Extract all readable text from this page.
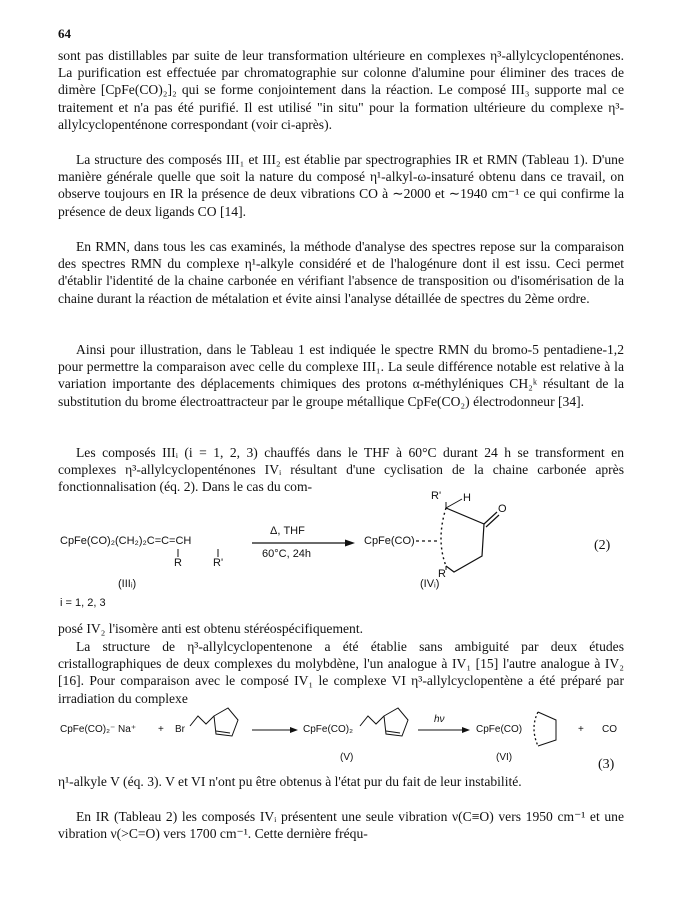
64

sont pas distillables par suite de leur transformation ultérieure en complexes η³-allylcyclopenténones. La purification est effectuée par chromatographie sur colonne d'alumine pour éliminer des traces de dimère [CpFe(CO)₂]₂ qui se forme conjointement dans la réaction. Le composé III₃ supporte mal ce traitement et n'a pas été purifié. Il est utilisé "in situ" pour la formation ultérieure du complexe η³-allylcyclopenténone correspondant (voir ci-après).

La structure des composés III₁ et III₂ est établie par spectrographies IR et RMN (Tableau 1). D'une manière générale quelle que soit la nature du composé η¹-alkyl-ω-insaturé obtenu dans ce travail, on observe toujours en IR la présence de deux vibrations CO à ∼2000 et ∼1940 cm⁻¹ ce qui confirme la présence de deux ligands CO [14].

En RMN, dans tous les cas examinés, la méthode d'analyse des spectres repose sur la comparaison des spectres RMN du complexe η¹-alkyle considéré et de l'halogénure dont il est issu. Ceci permet d'établir l'identité de la chaine carbonée en vérifiant l'absence de transposition ou d'isomérisation de la chaine durant la réaction de métalation et évite ainsi l'analyse détaillée de spectres du 2ème ordre.

Ainsi pour illustration, dans le Tableau 1 est indiquée le spectre RMN du bromo-5 pentadiene-1,2 pour permettre la comparaison avec celle du complexe III₁. La seule différence notable est relative à la variation importante des déplacements chimiques des protons α-méthyléniques CH₂ᵏ résultant de la substitution du brome électroattracteur par le groupe métallique CpFe(CO₂) électrodonneur [34].

Les composés IIIᵢ (i = 1, 2, 3) chauffés dans le THF à 60°C durant 24 h se transforment en complexes η³-allylcyclopenténones IVᵢ résultant d'une cyclisation de la chaine carbonée après fonctionnalisation (éq. 2). Dans le cas du com-

CpFe(CO)₂(CH₂)₂C=C=CH
R	R'
Δ, THF
60°C, 24h
CpFe(CO)
R' H
O
R
(IIIᵢ)	(IVᵢ)
i = 1, 2, 3
(2)

posé IV₂ l'isomère anti est obtenu stéréospécifiquement.

La structure de η³-allylcyclopentenone a été établie sans ambiguité par deux études cristallographiques de deux complexes du molybdène, l'un analogue à IV₁ [15] l'autre analogue à IV₂ [16]. Pour comparaison avec le composé IV₁ le complexe VI η³-allylcyclopentène a été préparé par irradiation du complexe

CpFe(CO)₂⁻ Na⁺ + Br	CpFe(CO)₂
hν
CpFe(CO)	+ CO
(V)	(VI)	(3)

η¹-alkyle V (éq. 3). V et VI n'ont pu être obtenus à l'état pur du fait de leur instabilité.

En IR (Tableau 2) les composés IVᵢ présentent une seule vibration ν(C≡O) vers 1950 cm⁻¹ et une vibration ν(>C=O) vers 1700 cm⁻¹. Cette dernière fréqu-
